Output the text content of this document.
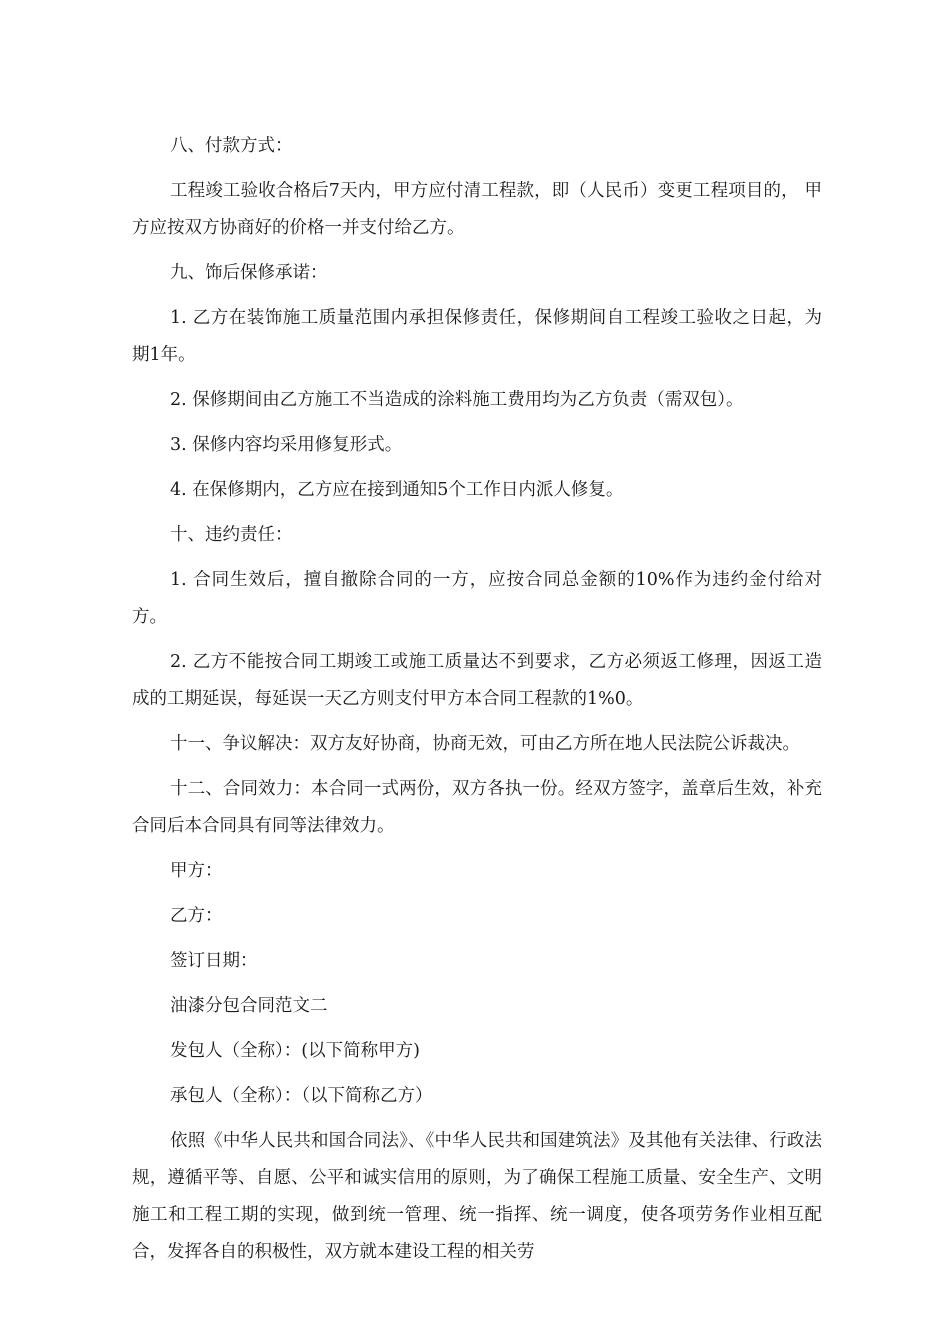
八、付款方式：

工程竣工验收合格后7天内，甲方应付清工程款，即（人民币）变更工程项目的， 甲方应按双方协商好的价格一并支付给乙方。

九、饰后保修承诺：

1. 乙方在装饰施工质量范围内承担保修责任，保修期间自工程竣工验收之日起，为期1年。

2. 保修期间由乙方施工不当造成的涂料施工费用均为乙方负责（需双包）。

3. 保修内容均采用修复形式。

4. 在保修期内，乙方应在接到通知5个工作日内派人修复。

十、违约责任：

1. 合同生效后，擅自撤除合同的一方，应按合同总金额的10%作为违约金付给对方。

2. 乙方不能按合同工期竣工或施工质量达不到要求，乙方必须返工修理，因返工造成的工期延误，每延误一天乙方则支付甲方本合同工程款的1%0。

十一、争议解决：双方友好协商，协商无效，可由乙方所在地人民法院公诉裁决。

十二、合同效力：本合同一式两份，双方各执一份。经双方签字，盖章后生效，补充合同后本合同具有同等法律效力。

甲方：

乙方：

签订日期：

油漆分包合同范文二

发包人（全称）：(以下简称甲方)

承包人（全称）：（以下简称乙方）

依照《中华人民共和国合同法》、《中华人民共和国建筑法》及其他有关法律、行政法规，遵循平等、自愿、公平和诚实信用的原则，为了确保工程施工质量、安全生产、文明施工和工程工期的实现，做到统一管理、统一指挥、统一调度，使各项劳务作业相互配合，发挥各自的积极性，双方就本建设工程的相关劳
